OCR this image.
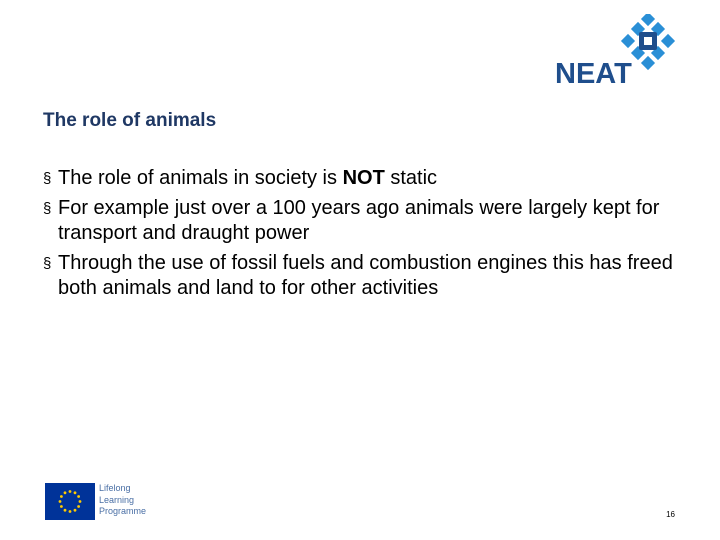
NEAT
The role of animals
§ The role of animals in society is NOT static
§ For example just over a 100 years ago animals were largely kept for transport and draught power
§ Through the use of fossil fuels and combustion engines this has freed both animals and land to for other activities
Lifelong
Learning
Programme	16
